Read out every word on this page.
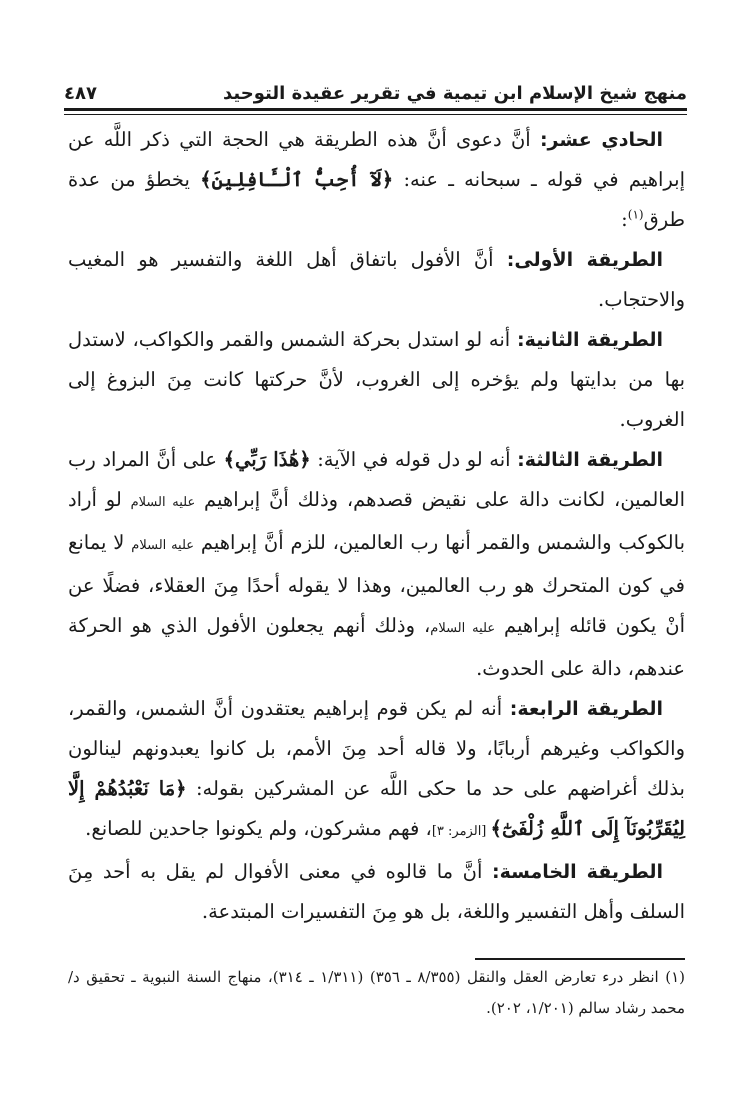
منهج شيخ الإسلام ابن تيمية في تقرير عقيدة التوحيد
٤٨٧

الحادي عشر: أنَّ دعوى أنَّ هذه الطريقة هي الحجة التي ذكر اللَّه عن إبراهيم في قوله ـ سبحانه ـ عنه: ﴿لَآ أُحِبُّ ٱلْـَٔافِلِينَ﴾ يخطؤ من عدة طرق$^{(١)}$:

الطريقة الأولى: أنَّ الأفول باتفاق أهل اللغة والتفسير هو المغيب والاحتجاب.

الطريقة الثانية: أنه لو استدل بحركة الشمس والقمر والكواكب، لاستدل بها من بدايتها ولم يؤخره إلى الغروب، لأنَّ حركتها كانت مِنَ البزوغ إلى الغروب.

الطريقة الثالثة: أنه لو دل قوله في الآية: ﴿هَٰذَا رَبِّي﴾ على أنَّ المراد رب العالمين، لكانت دالة على نقيض قصدهم، وذلك أنَّ إبراهيم عليه السلام لو أراد بالكوكب والشمس والقمر أنها رب العالمين، للزم أنَّ إبراهيم عليه السلام لا يمانع في كون المتحرك هو رب العالمين، وهذا لا يقوله أحدًا مِنَ العقلاء، فضلًا عن أنْ يكون قائله إبراهيم عليه السلام، وذلك أنهم يجعلون الأفول الذي هو الحركة عندهم، دالة على الحدوث.

الطريقة الرابعة: أنه لم يكن قوم إبراهيم يعتقدون أنَّ الشمس، والقمر، والكواكب وغيرهم أربابًا، ولا قاله أحد مِنَ الأمم، بل كانوا يعبدونهم لينالون بذلك أغراضهم على حد ما حكى اللَّه عن المشركين بقوله: ﴿مَا نَعْبُدُهُمْ إِلَّا لِيُقَرِّبُونَآ إِلَى ٱللَّهِ زُلْفَىٰٓ﴾ [الزمر: ٣]، فهم مشركون، ولم يكونوا جاحدين للصانع.

الطريقة الخامسة: أنَّ ما قالوه في معنى الأفوال لم يقل به أحد مِنَ السلف وأهل التفسير واللغة، بل هو مِنَ التفسيرات المبتدعة.

(١) انظر درء تعارض العقل والنقل (٨/٣٥٥ ـ ٣٥٦) (١/٣١١ ـ ٣١٤)، منهاج السنة النبوية ـ تحقيق د/ محمد رشاد سالم (١/٢٠١، ٢٠٢).
